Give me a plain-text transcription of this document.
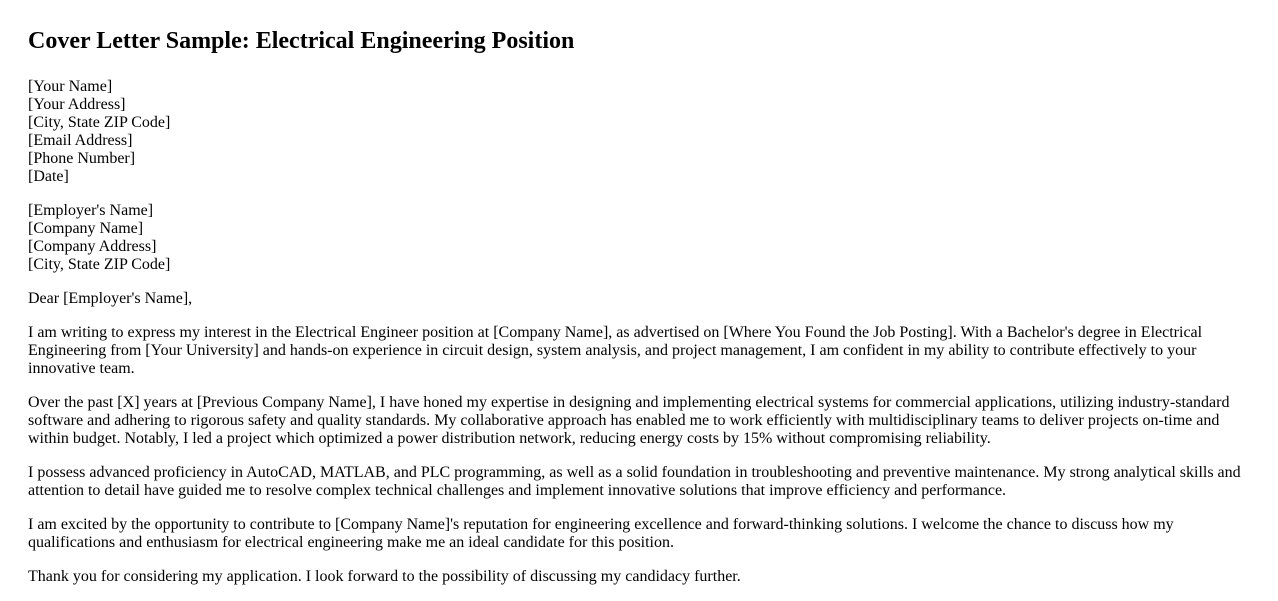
Cover Letter Sample: Electrical Engineering Position
[Your Name]
[Your Address]
[City, State ZIP Code]
[Email Address]
[Phone Number]
[Date]
[Employer's Name]
[Company Name]
[Company Address]
[City, State ZIP Code]

Dear [Employer's Name],

I am writing to express my interest in the Electrical Engineer position at [Company Name], as advertised on [Where You Found the Job Posting]. With a Bachelor's degree in Electrical Engineering from [Your University] and hands-on experience in circuit design, system analysis, and project management, I am confident in my ability to contribute effectively to your innovative team.

Over the past [X] years at [Previous Company Name], I have honed my expertise in designing and implementing electrical systems for commercial applications, utilizing industry-standard software and adhering to rigorous safety and quality standards. My collaborative approach has enabled me to work efficiently with multidisciplinary teams to deliver projects on-time and within budget. Notably, I led a project which optimized a power distribution network, reducing energy costs by 15% without compromising reliability.

I possess advanced proficiency in AutoCAD, MATLAB, and PLC programming, as well as a solid foundation in troubleshooting and preventive maintenance. My strong analytical skills and attention to detail have guided me to resolve complex technical challenges and implement innovative solutions that improve efficiency and performance.

I am excited by the opportunity to contribute to [Company Name]'s reputation for engineering excellence and forward-thinking solutions. I welcome the chance to discuss how my qualifications and enthusiasm for electrical engineering make me an ideal candidate for this position.

Thank you for considering my application. I look forward to the possibility of discussing my candidacy further.
